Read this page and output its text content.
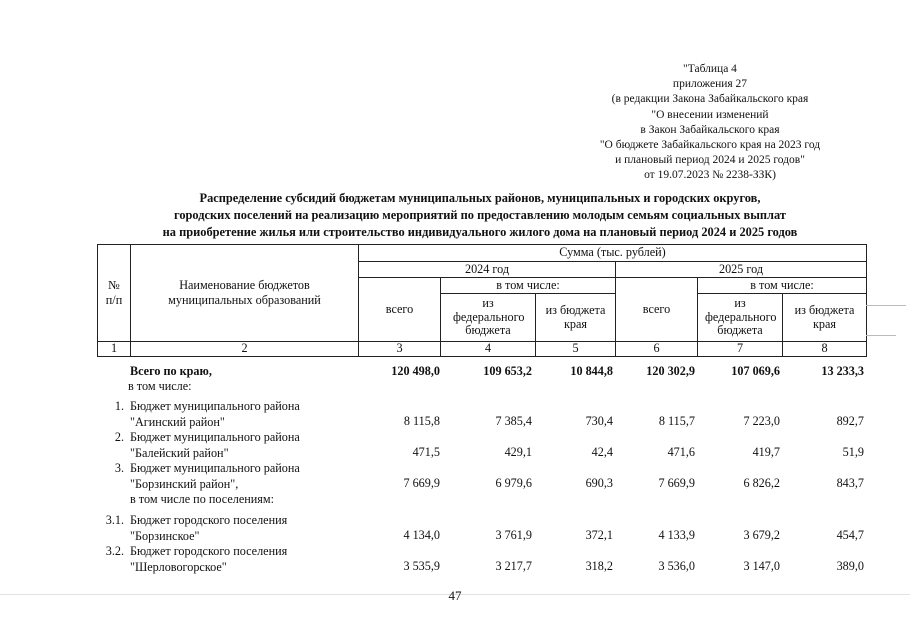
"Таблица 4
приложения 27
(в редакции Закона Забайкальского края
"О внесении изменений
в Закон Забайкальского края
"О бюджете Забайкальского края на 2023 год
и плановый период 2024 и 2025 годов"
от 19.07.2023 № 2238-ЗЗК)
Распределение субсидий бюджетам муниципальных районов, муниципальных и городских округов,
городских поселений на реализацию мероприятий по предоставлению молодым семьям социальных выплат
на приобретение жилья или строительство индивидуального жилого дома на плановый период 2024 и 2025 годов
№ п/п	Наименование бюджетов муниципальных образований	Сумма (тыс. рублей)					
		2024 год			2025 год		
		всего	в том числе:		всего	в том числе:	

			из федерального бюджета	из бюджета края		из федерального бюджета	из бюджета края

1	2	3	4	5	6	7	8
Всего по краю,	120 498,0	109 653,2	10 844,8	120 302,9	107 069,6	13 233,3
в том числе:
1. Бюджет муниципального района
"Агинский район"	8 115,8	7 385,4	730,4	8 115,7	7 223,0	892,7
2. Бюджет муниципального района
"Балейский район"	471,5	429,1	42,4	471,6	419,7	51,9
3. Бюджет муниципального района
"Борзинский район",
в том числе по поселениям:
7 669,9	6 979,6	690,3	7 669,9	6 826,2	843,7
3.1. Бюджет городского поселения
"Борзинское"	4 134,0	3 761,9	372,1	4 133,9	3 679,2	454,7
3.2. Бюджет городского поселения
"Шерловогорское"	3 535,9	3 217,7	318,2	3 536,0	3 147,0	389,0
47
